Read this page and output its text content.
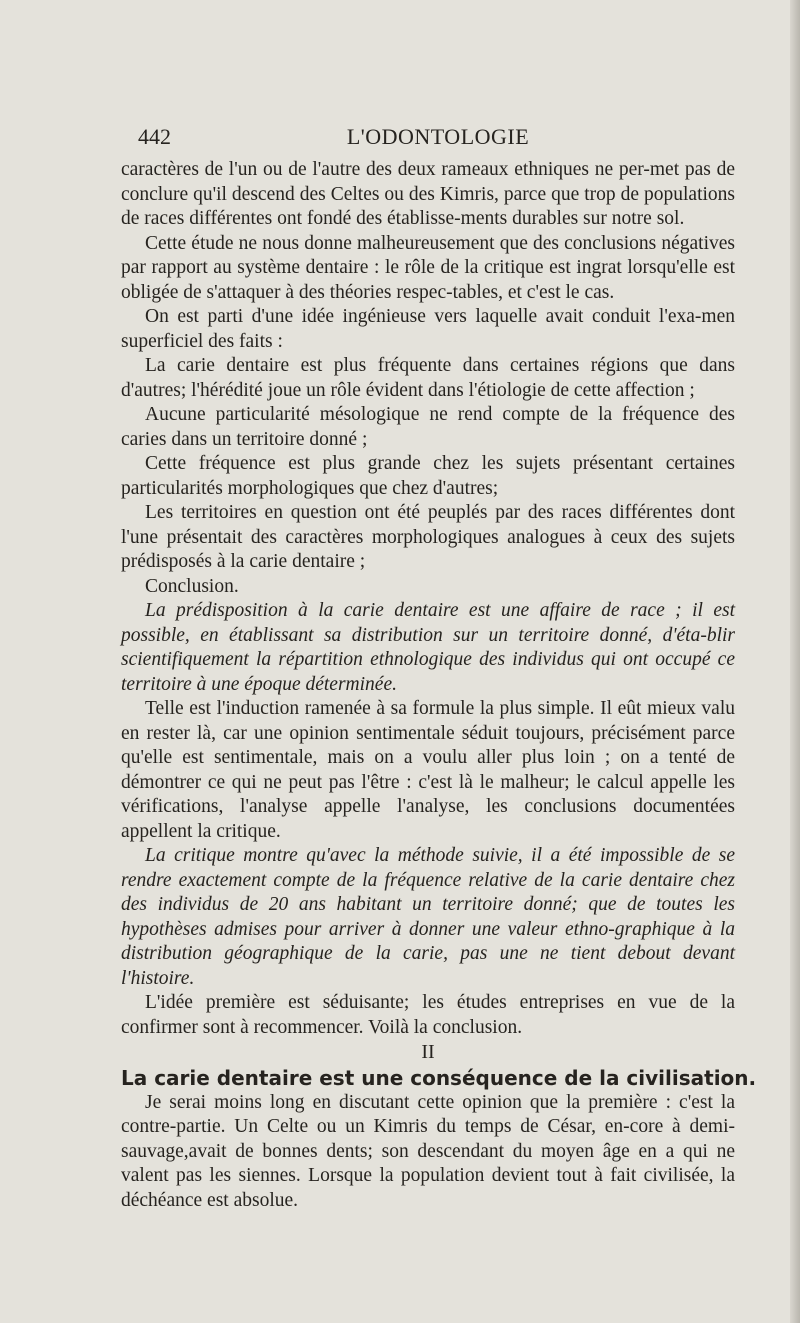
442	L'ODONTOLOGIE

caractères de l'un ou de l'autre des deux rameaux ethniques ne per-met pas de conclure qu'il descend des Celtes ou des Kimris, parce que trop de populations de races différentes ont fondé des établisse-ments durables sur notre sol.

Cette étude ne nous donne malheureusement que des conclusions négatives par rapport au système dentaire : le rôle de la critique est ingrat lorsqu'elle est obligée de s'attaquer à des théories respec-tables, et c'est le cas.

On est parti d'une idée ingénieuse vers laquelle avait conduit l'exa-men superficiel des faits :

La carie dentaire est plus fréquente dans certaines régions que dans d'autres; l'hérédité joue un rôle évident dans l'étiologie de cette affection ;

Aucune particularité mésologique ne rend compte de la fréquence des caries dans un territoire donné ;

Cette fréquence est plus grande chez les sujets présentant certaines particularités morphologiques que chez d'autres;

Les territoires en question ont été peuplés par des races différentes dont l'une présentait des caractères morphologiques analogues à ceux des sujets prédisposés à la carie dentaire ;

Conclusion.

La prédisposition à la carie dentaire est une affaire de race ; il est possible, en établissant sa distribution sur un territoire donné, d'éta-blir scientifiquement la répartition ethnologique des individus qui ont occupé ce territoire à une époque déterminée.

Telle est l'induction ramenée à sa formule la plus simple. Il eût mieux valu en rester là, car une opinion sentimentale séduit toujours, précisément parce qu'elle est sentimentale, mais on a voulu aller plus loin ; on a tenté de démontrer ce qui ne peut pas l'être : c'est là le malheur; le calcul appelle les vérifications, l'analyse appelle l'analyse, les conclusions documentées appellent la critique.

La critique montre qu'avec la méthode suivie, il a été impossible de se rendre exactement compte de la fréquence relative de la carie dentaire chez des individus de 20 ans habitant un territoire donné; que de toutes les hypothèses admises pour arriver à donner une valeur ethno-graphique à la distribution géographique de la carie, pas une ne tient debout devant l'histoire.

L'idée première est séduisante; les études entreprises en vue de la confirmer sont à recommencer. Voilà la conclusion.

II

La carie dentaire est une conséquence de la civilisation.

Je serai moins long en discutant cette opinion que la première : c'est la contre-partie. Un Celte ou un Kimris du temps de César, en-core à demi-sauvage,avait de bonnes dents; son descendant du moyen âge en a qui ne valent pas les siennes. Lorsque la population devient tout à fait civilisée, la déchéance est absolue.
